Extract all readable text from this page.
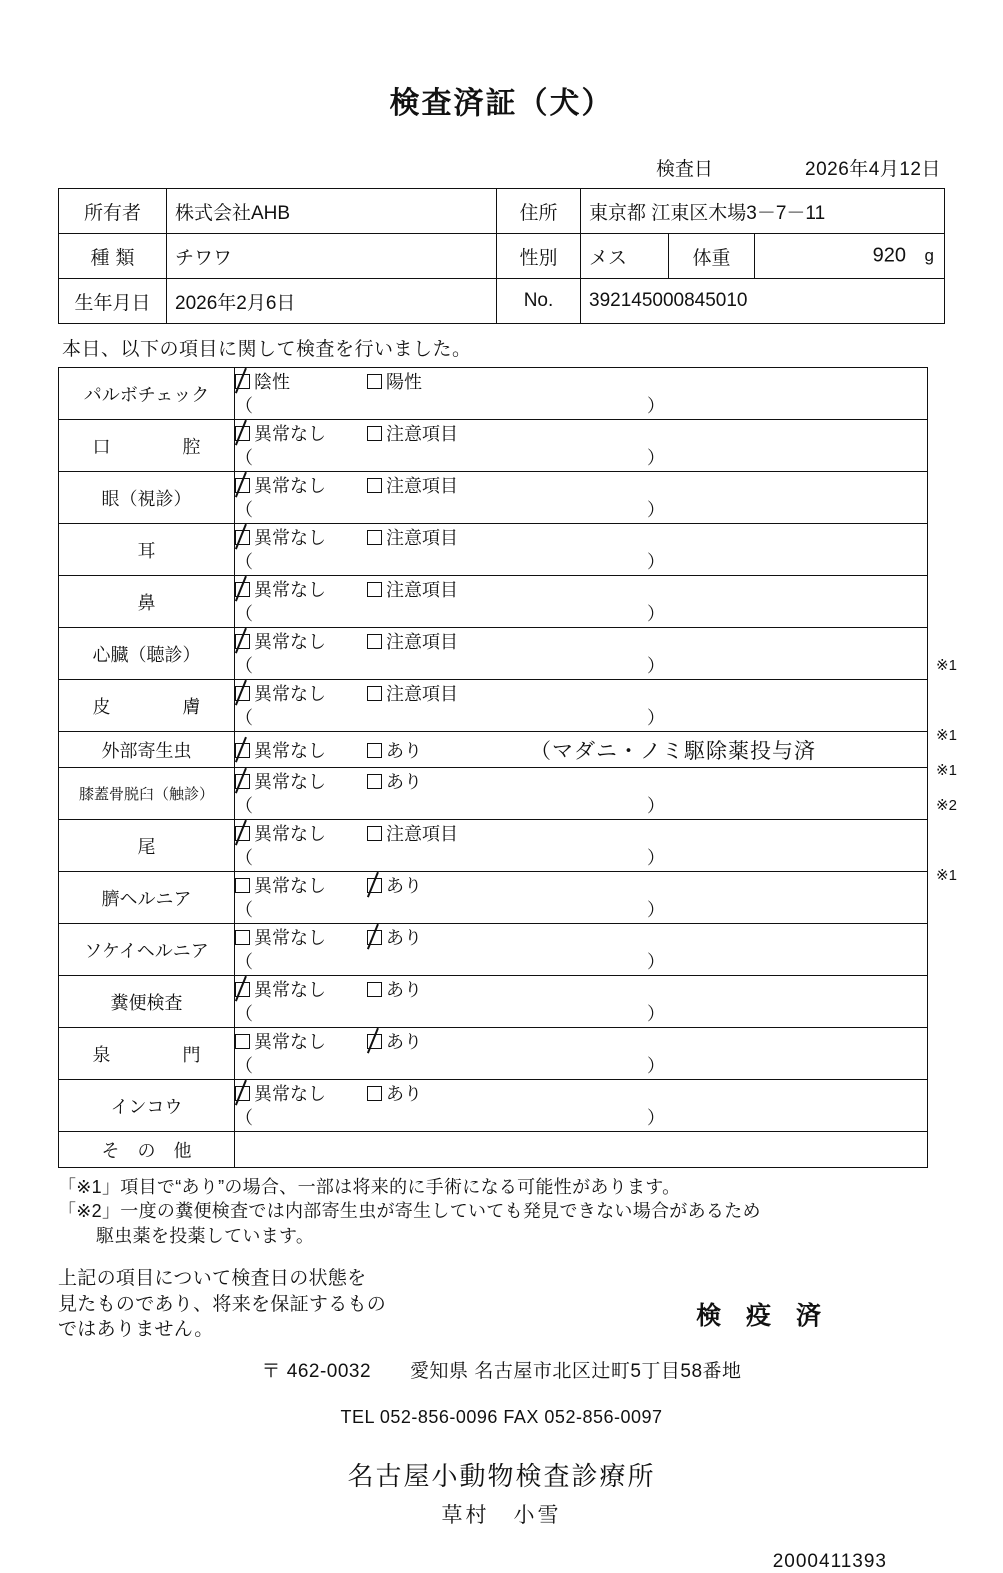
検査済証（犬）
検査日	2026年4月12日
所有者	株式会社AHB	住所	東京都 江東区木場3－7－11		
種類	チワワ	性別	メス	体重	920 g

生年月日	2026年2月6日	No.	392145000845010		
本日、以下の項目に関して検査を行いました。
パルボチェック	陰性 陽性
（ ）

口　　　　腔	異常なし 注意項目
（ ）

眼（視診）	異常なし 注意項目
（ ）

耳	異常なし 注意項目
（ ）

鼻	異常なし 注意項目
（ ）

心臓（聴診）	異常なし 注意項目
（ ）

皮　　　　膚	異常なし 注意項目
（ ）

外部寄生虫	異常なし あり （マダニ・ノミ駆除薬投与済

膝蓋骨脱臼（触診）	異常なし あり
（ ）

尾	異常なし 注意項目
（ ）

臍ヘルニア	異常なし あり
（ ）

ソケイヘルニア	異常なし あり
（ ）

糞便検査	異常なし あり
（ ）

泉　　　　門	異常なし あり
（ ）

インコウ	異常なし あり
（ ）

そ　の　他	
※1
※1
※1
※2
※1
「※1」項目で“あり”の場合、一部は将来的に手術になる可能性があります。
「※2」一度の糞便検査では内部寄生虫が寄生していても発見できない場合があるため
駆虫薬を投薬しています。
上記の項目について検査日の状態を
見たものであり、将来を保証するもの
ではありません。	検 疫 済
〒 462-0032　　愛知県 名古屋市北区辻町5丁目58番地
TEL 052-856-0096 FAX 052-856-0097
名古屋小動物検査診療所
草村　小雪
2000411393
